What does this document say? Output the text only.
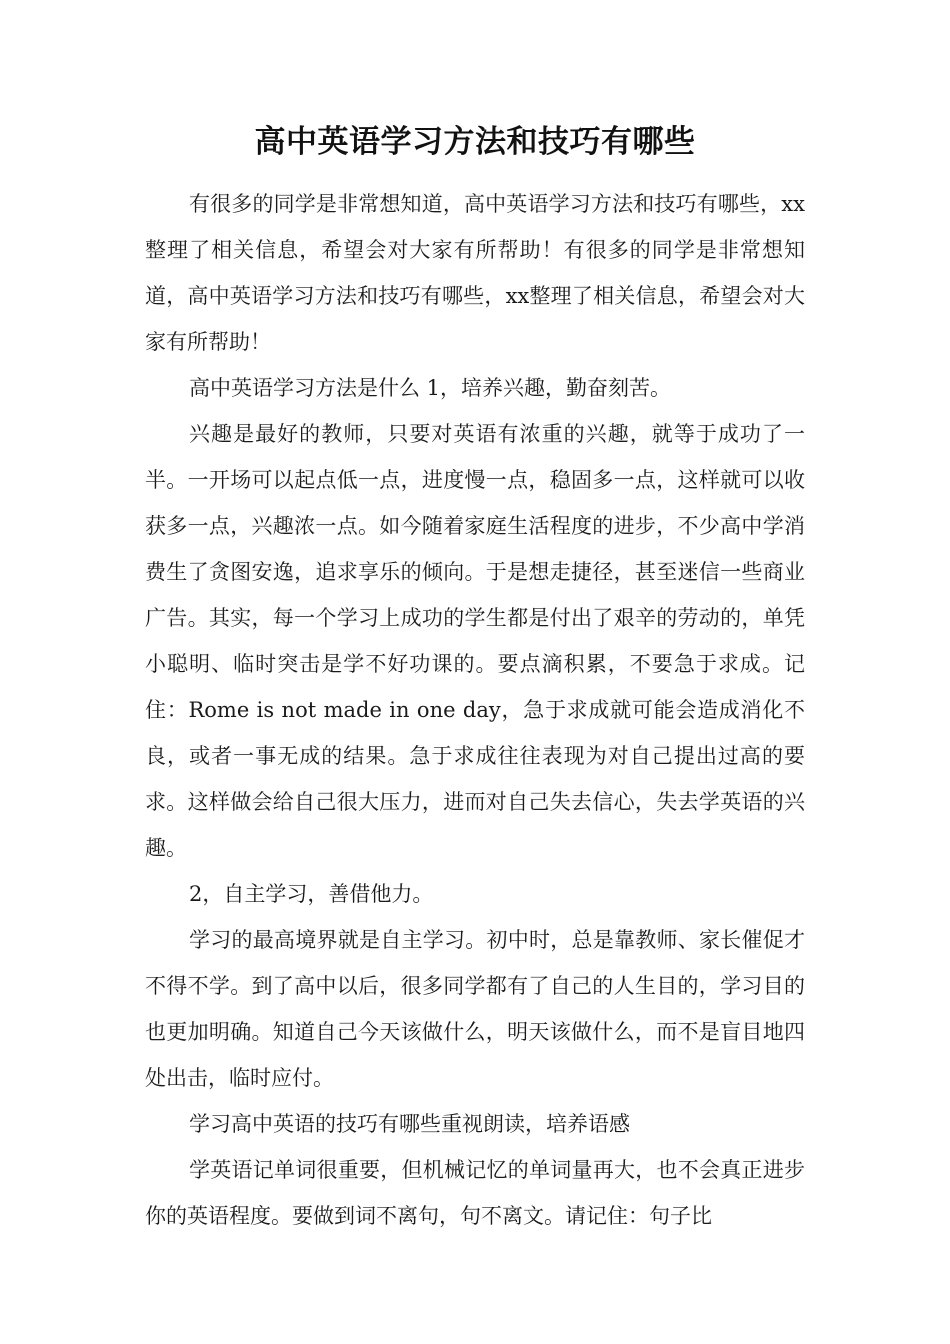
高中英语学习方法和技巧有哪些

有很多的同学是非常想知道，高中英语学习方法和技巧有哪些，xx整理了相关信息，希望会对大家有所帮助！有很多的同学是非常想知道，高中英语学习方法和技巧有哪些，xx整理了相关信息，希望会对大家有所帮助！

高中英语学习方法是什么 1，培养兴趣，勤奋刻苦。

兴趣是最好的教师，只要对英语有浓重的兴趣，就等于成功了一半。一开场可以起点低一点，进度慢一点，稳固多一点，这样就可以收获多一点，兴趣浓一点。如今随着家庭生活程度的进步，不少高中学消费生了贪图安逸，追求享乐的倾向。于是想走捷径，甚至迷信一些商业广告。其实，每一个学习上成功的学生都是付出了艰辛的劳动的，单凭小聪明、临时突击是学不好功课的。要点滴积累，不要急于求成。记住：Rome is not made in one day，急于求成就可能会造成消化不良，或者一事无成的结果。急于求成往往表现为对自己提出过高的要求。这样做会给自己很大压力，进而对自己失去信心，失去学英语的兴趣。

2，自主学习，善借他力。

学习的最高境界就是自主学习。初中时，总是靠教师、家长催促才不得不学。到了高中以后，很多同学都有了自己的人生目的，学习目的也更加明确。知道自己今天该做什么，明天该做什么，而不是盲目地四处出击，临时应付。

学习高中英语的技巧有哪些重视朗读，培养语感

学英语记单词很重要，但机械记忆的单词量再大，也不会真正进步你的英语程度。要做到词不离句，句不离文。请记住：句子比
